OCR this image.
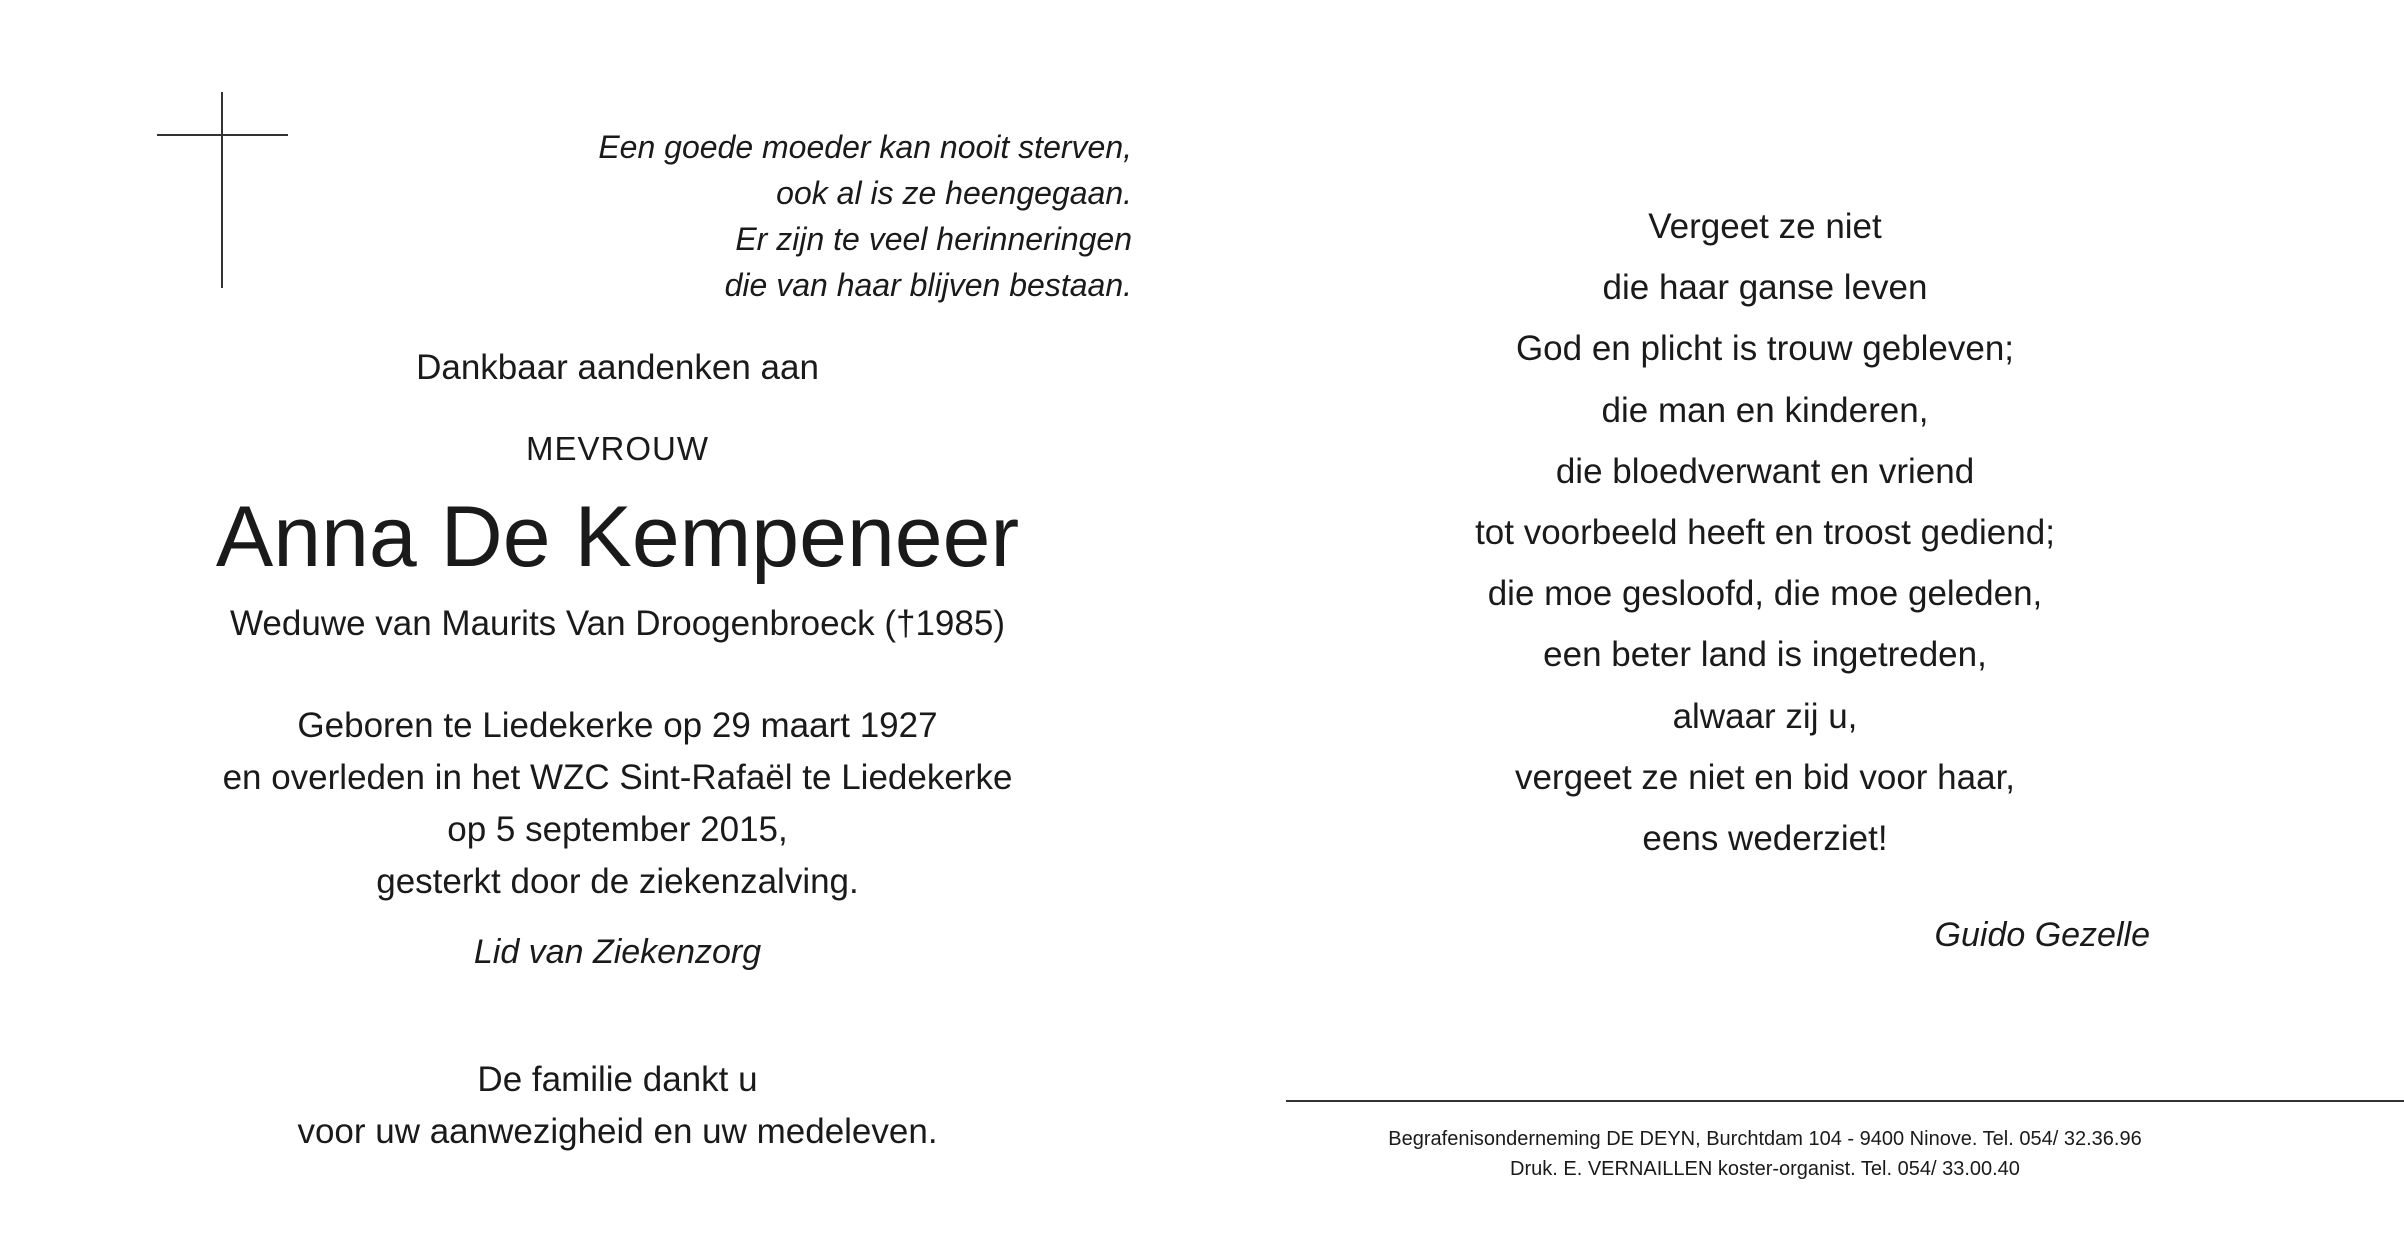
Een goede moeder kan nooit sterven,
ook al is ze heengegaan.
Er zijn te veel herinneringen
die van haar blijven bestaan.
Dankbaar aandenken aan
MEVROUW
Anna De Kempeneer
Weduwe van Maurits Van Droogenbroeck (†1985)
Geboren te Liedekerke op 29 maart 1927
en overleden in het WZC Sint-Rafaël te Liedekerke
op 5 september 2015,
gesterkt door de ziekenzalving.
Lid van Ziekenzorg
De familie dankt u
voor uw aanwezigheid en uw medeleven.
Vergeet ze niet
die haar ganse leven
God en plicht is trouw gebleven;
die man en kinderen,
die bloedverwant en vriend
tot voorbeeld heeft en troost gediend;
die moe gesloofd, die moe geleden,
een beter land is ingetreden,
alwaar zij u,
vergeet ze niet en bid voor haar,
eens wederziet!
Guido Gezelle
Begrafenisonderneming DE DEYN, Burchtdam 104 - 9400 Ninove. Tel. 054/ 32.36.96
Druk. E. VERNAILLEN koster-organist. Tel. 054/ 33.00.40
